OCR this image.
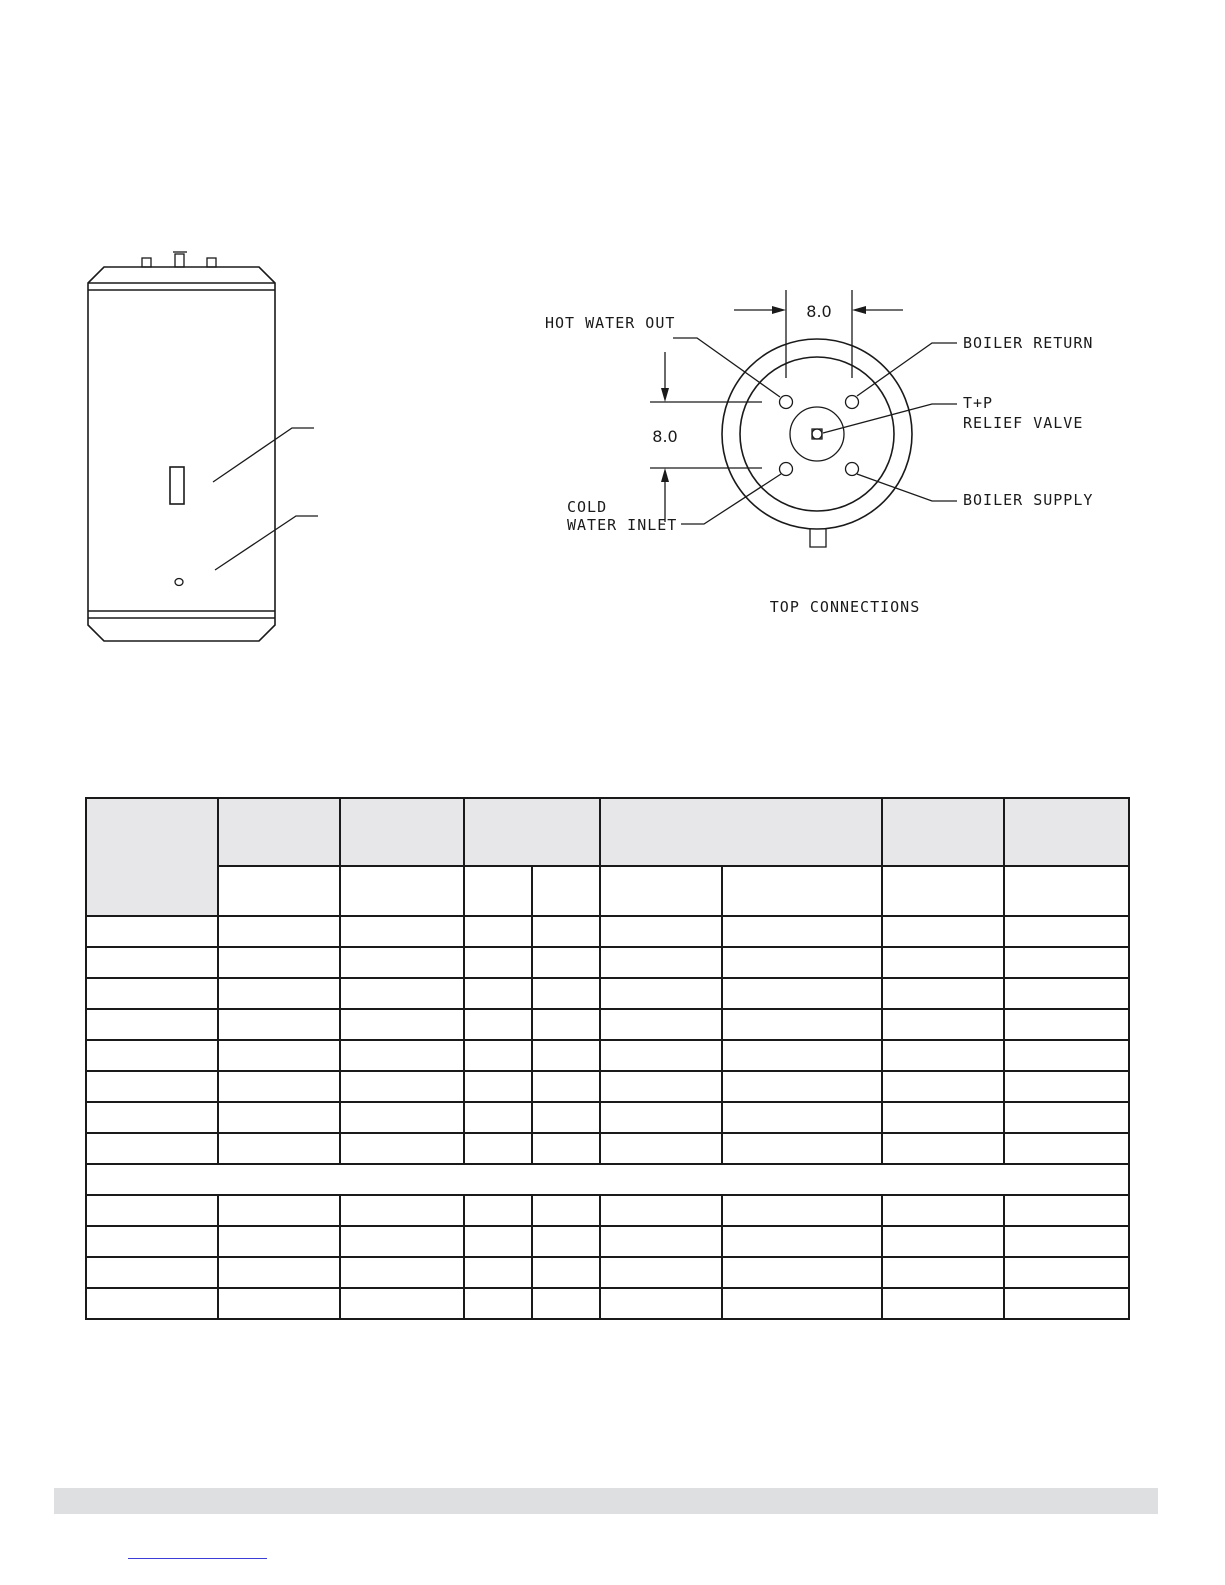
8.0
8.0
HOT WATER OUT
BOILER RETURN
T+P
RELIEF VALVE
COLD
WATER INLET
BOILER SUPPLY
TOP CONNECTIONS
